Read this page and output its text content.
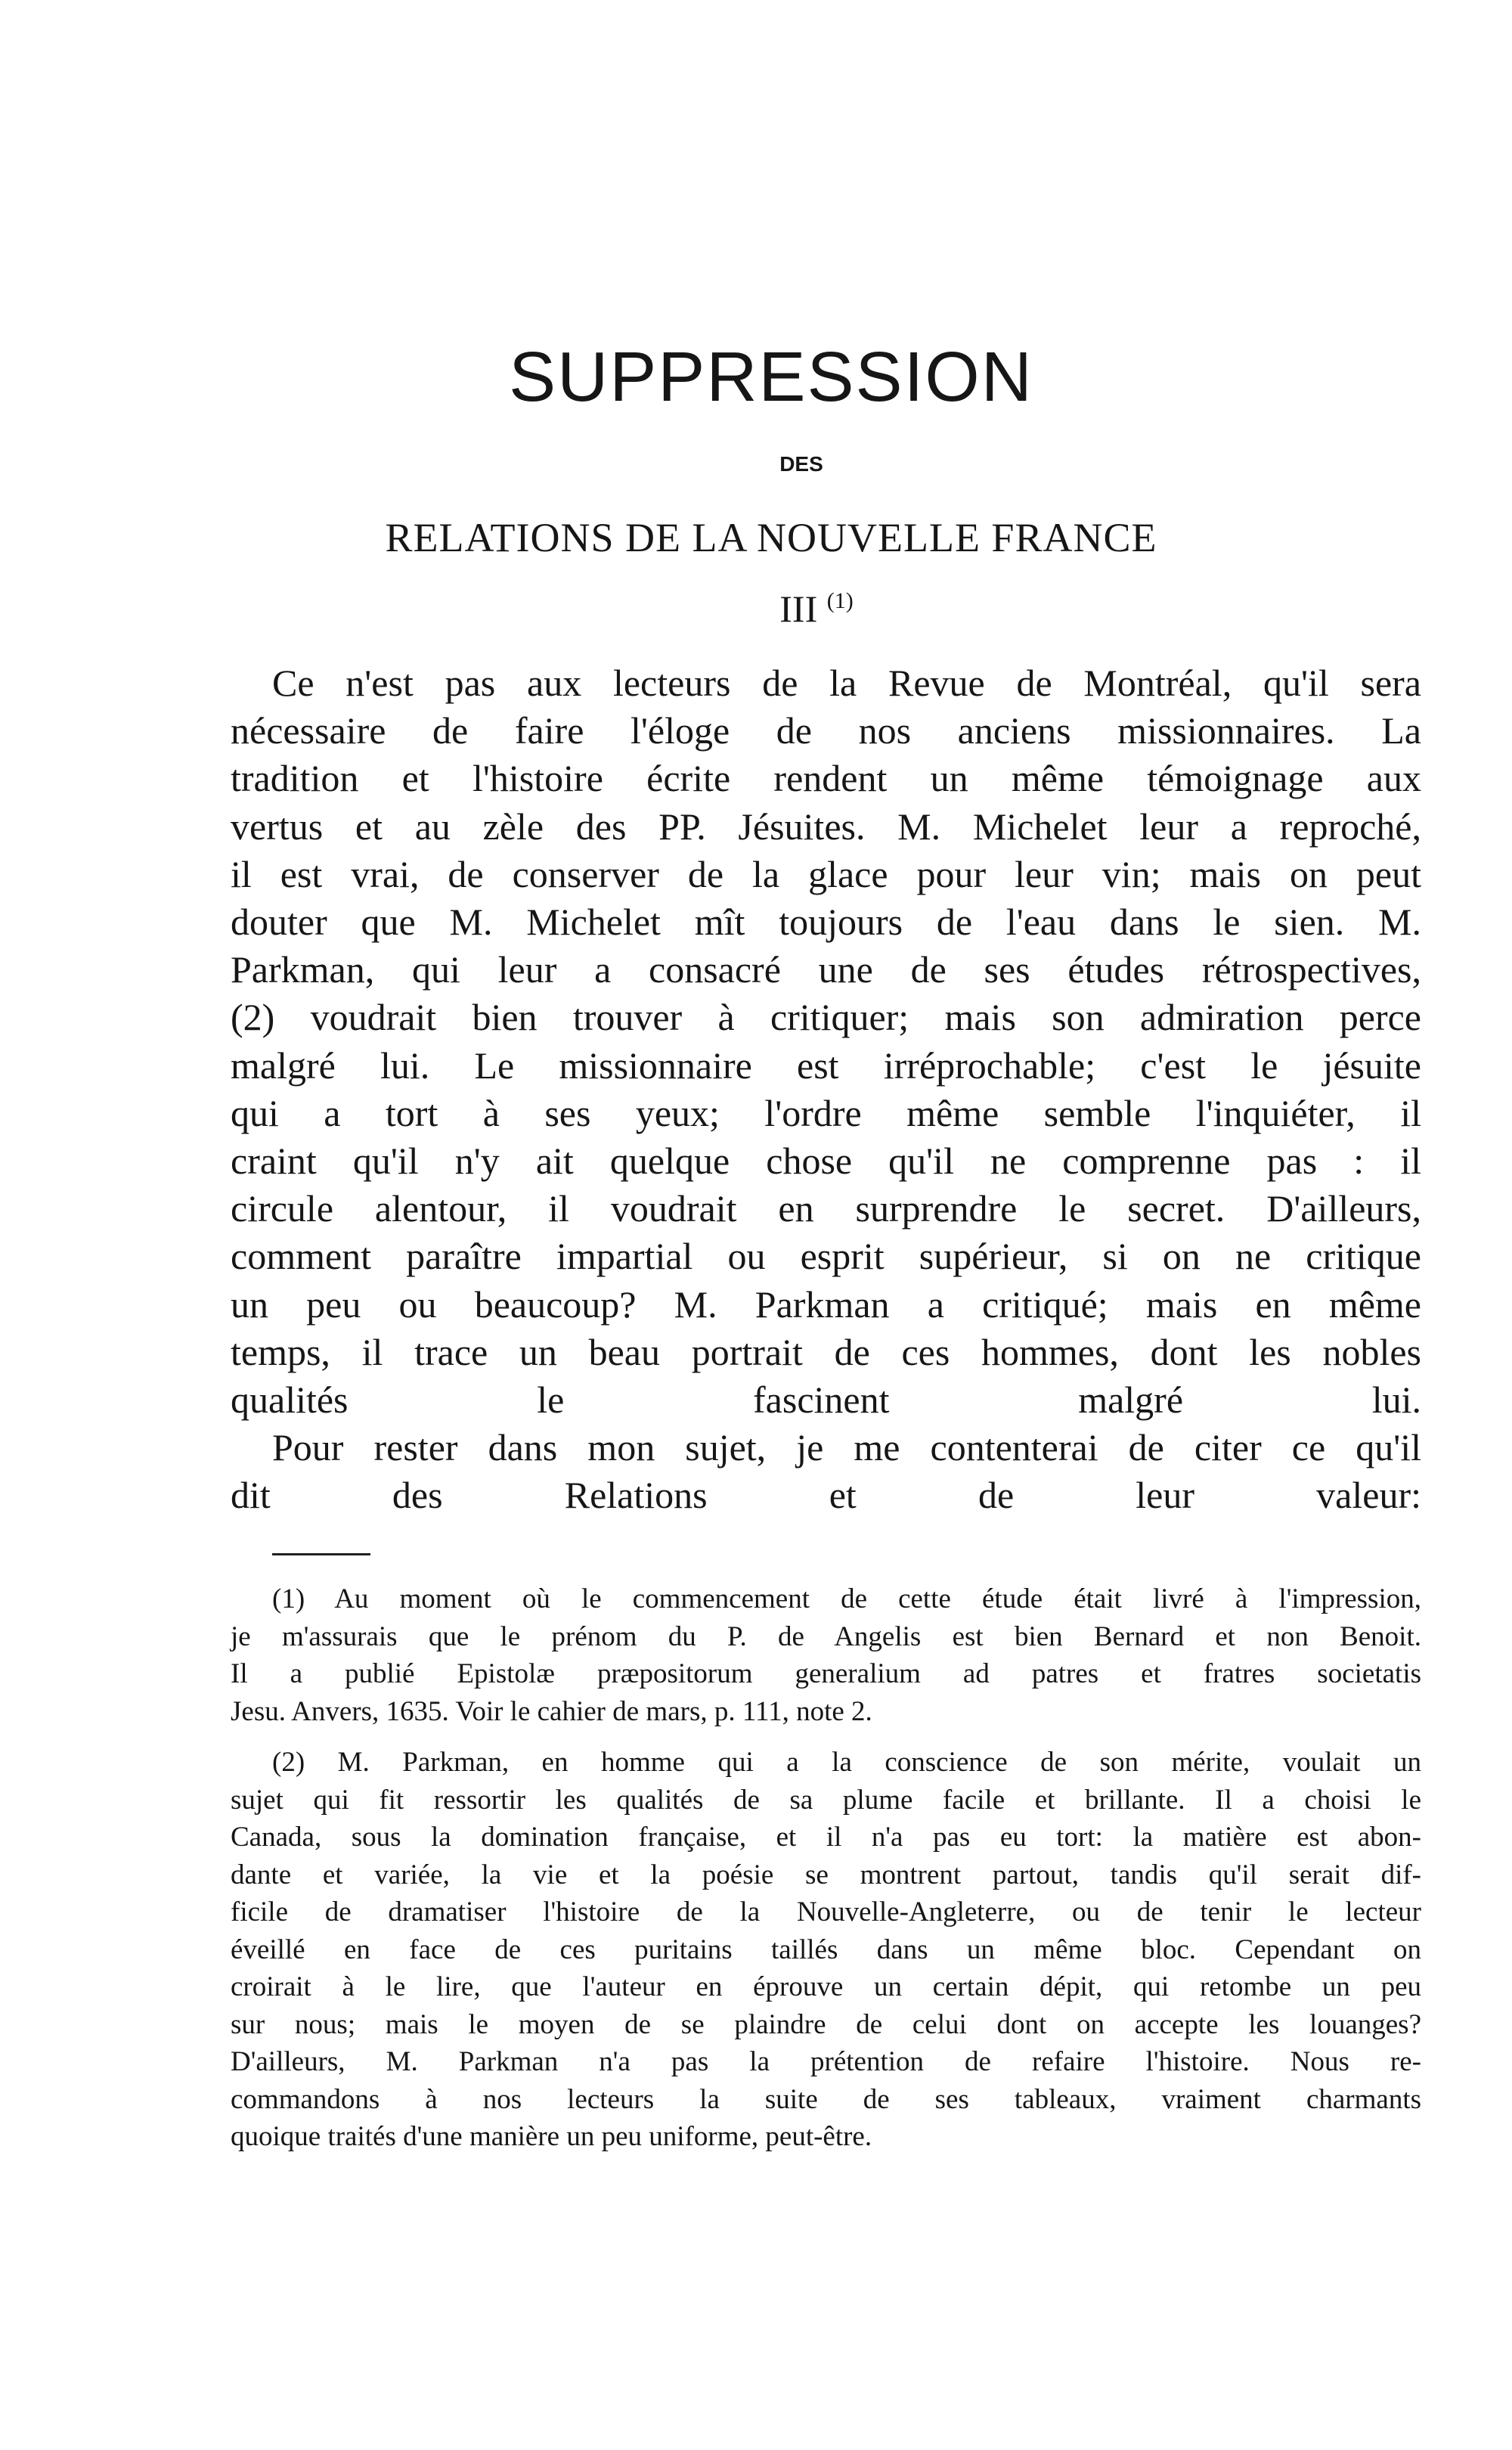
SUPPRESSION
DES
RELATIONS DE LA NOUVELLE FRANCE
III $^{(1)}$

Ce n'est pas aux lecteurs de la Revue de Montréal, qu'il sera
nécessaire de faire l'éloge de nos anciens missionnaires. La
tradition et l'histoire écrite rendent un même témoignage aux
vertus et au zèle des PP. Jésuites. M. Michelet leur a reproché,
il est vrai, de conserver de la glace pour leur vin; mais on peut
douter que M. Michelet mît toujours de l'eau dans le sien. M.
Parkman, qui leur a consacré une de ses études rétrospectives,
(2) voudrait bien trouver à critiquer; mais son admiration perce
malgré lui. Le missionnaire est irréprochable; c'est le jésuite
qui a tort à ses yeux; l'ordre même semble l'inquiéter, il
craint qu'il n'y ait quelque chose qu'il ne comprenne pas : il
circule alentour, il voudrait en surprendre le secret. D'ailleurs,
comment paraître impartial ou esprit supérieur, si on ne critique
un peu ou beaucoup? M. Parkman a critiqué; mais en même
temps, il trace un beau portrait de ces hommes, dont les nobles
qualités le fascinent malgré lui.

Pour rester dans mon sujet, je me contenterai de citer ce qu'il
dit des Relations et de leur valeur:

(1) Au moment où le commencement de cette étude était livré à l'impression,
je m'assurais que le prénom du P. de Angelis est bien Bernard et non Benoit.
Il a publié Epistolæ præpositorum generalium ad patres et fratres societatis
Jesu. Anvers, 1635. Voir le cahier de mars, p. 111, note 2.
(2) M. Parkman, en homme qui a la conscience de son mérite, voulait un
sujet qui fit ressortir les qualités de sa plume facile et brillante. Il a choisi le
Canada, sous la domination française, et il n'a pas eu tort: la matière est abon-
dante et variée, la vie et la poésie se montrent partout, tandis qu'il serait dif-
ficile de dramatiser l'histoire de la Nouvelle-Angleterre, ou de tenir le lecteur
éveillé en face de ces puritains taillés dans un même bloc. Cependant on
croirait à le lire, que l'auteur en éprouve un certain dépit, qui retombe un peu
sur nous; mais le moyen de se plaindre de celui dont on accepte les louanges?
D'ailleurs, M. Parkman n'a pas la prétention de refaire l'histoire. Nous re-
commandons à nos lecteurs la suite de ses tableaux, vraiment charmants
quoique traités d'une manière un peu uniforme, peut-être.
